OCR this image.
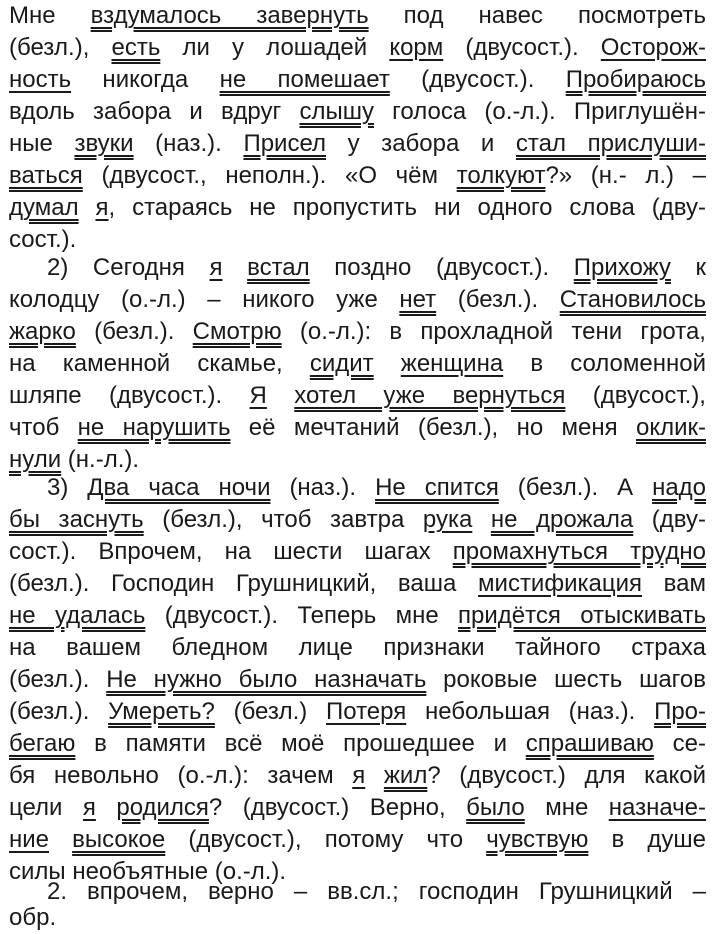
Мне вздумалось завернуть под навес посмотреть
(безл.), есть ли у лошадей корм (двусост.). Осторож-
ность никогда не помешает (двусост.). Пробираюсь
вдоль забора и вдруг слышу голоса (о.-л.). Приглушён-
ные звуки (наз.). Присел у забора и стал прислуши-
ваться (двусост., неполн.). «О чём толкуют?» (н.- л.) –
думал я, стараясь не пропустить ни одного слова (дву-
сост.).
2) Сегодня я встал поздно (двусост.). Прихожу к
колодцу (о.-л.) – никого уже нет (безл.). Становилось
жарко (безл.). Смотрю (о.-л.): в прохладной тени грота,
на каменной скамье, сидит женщина в соломенной
шляпе (двусост.). Я хотел уже вернуться (двусост.),
чтоб не нарушить её мечтаний (безл.), но меня оклик-
нули (н.-л.).
3) Два часа ночи (наз.). Не спится (безл.). А надо
бы заснуть (безл.), чтоб завтра рука не дрожала (дву-
сост.). Впрочем, на шести шагах промахнуться трудно
(безл.). Господин Грушницкий, ваша мистификация вам
не удалась (двусост.). Теперь мне придётся отыскивать
на вашем бледном лице признаки тайного страха
(безл.). Не нужно было назначать роковые шесть шагов
(безл.). Умереть? (безл.) Потеря небольшая (наз.). Про-
бегаю в памяти всё моё прошедшее и спрашиваю се-
бя невольно (о.-л.): зачем я жил? (двусост.) для какой
цели я родился? (двусост.) Верно, было мне назначе-
ние высокое (двусост.), потому что чувствую в душе
силы необъятные (о.-л.).
2. впрочем, верно – вв.сл.; господин Грушницкий –
обр.
